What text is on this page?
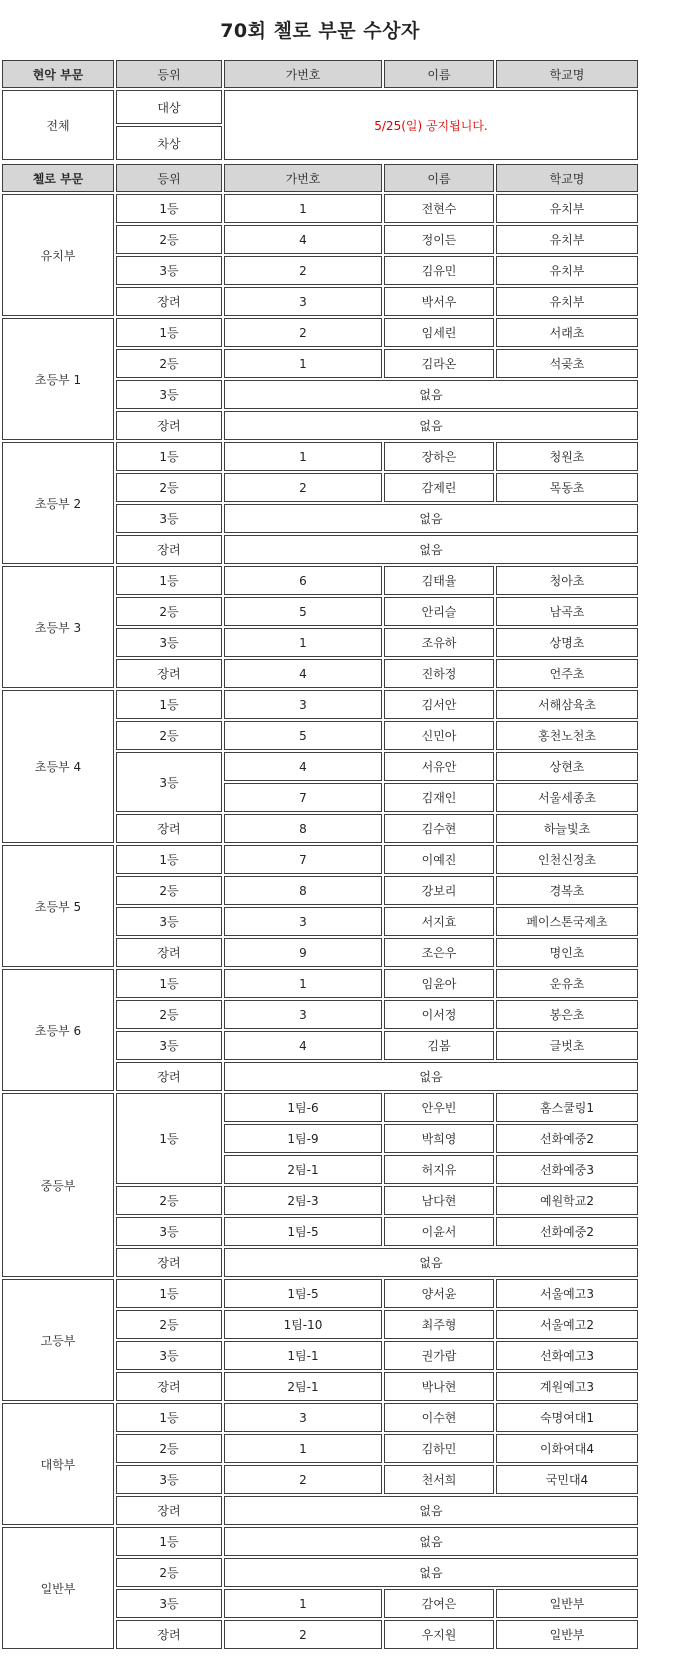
70회 첼로 부문 수상자
현악 부문	등위	가번호	이름	학교명
전체	대상	5/25(일) 공지됩니다.		
	차상			
첼로 부문	등위	가번호	이름	학교명
유치부	1등	1	전현수	유치부
	2등	4	정이든	유치부
	3등	2	김유민	유치부
	장려	3	박서우	유치부
초등부 1	1등	2	임세린	서래초
	2등	1	김라온	석곶초
	3등	없음		
	장려	없음		
초등부 2	1등	1	장하은	청원초
	2등	2	감제린	목동초
	3등	없음		
	장려	없음		
초등부 3	1등	6	김태율	청아초
	2등	5	안리슬	남곡초
	3등	1	조유하	상명초
	장려	4	진하정	언주초
초등부 4	1등	3	김서안	서해삼육초
	2등	5	신민아	홍천노천초
	3등	4	서유안	상현초
		7	김재인	서울세종초
	장려	8	김수현	하늘빛초
초등부 5	1등	7	이예진	인천신정초
	2등	8	강보리	경복초
	3등	3	서지효	페이스톤국제초
	장려	9	조은우	명인초
초등부 6	1등	1	임윤아	운유초
	2등	3	이서정	봉은초
	3등	4	김봄	글벗초
	장려	없음		
중등부	1등	1팀-6	안우빈	홈스쿨링1
		1팀-9	박희영	선화예중2
		2팀-1	허지유	선화예중3
	2등	2팀-3	남다현	예원학교2
	3등	1팀-5	이윤서	선화예중2
	장려	없음		
고등부	1등	1팀-5	양서윤	서울예고3
	2등	1팀-10	최주형	서울예고2
	3등	1팀-1	권가람	선화예고3
	장려	2팀-1	박나현	계원예고3
대학부	1등	3	이수현	숙명여대1
	2등	1	김하민	이화여대4
	3등	2	천서희	국민대4
	장려	없음		
일반부	1등	없음		
	2등	없음		
	3등	1	감여은	일반부
	장려	2	우지원	일반부
